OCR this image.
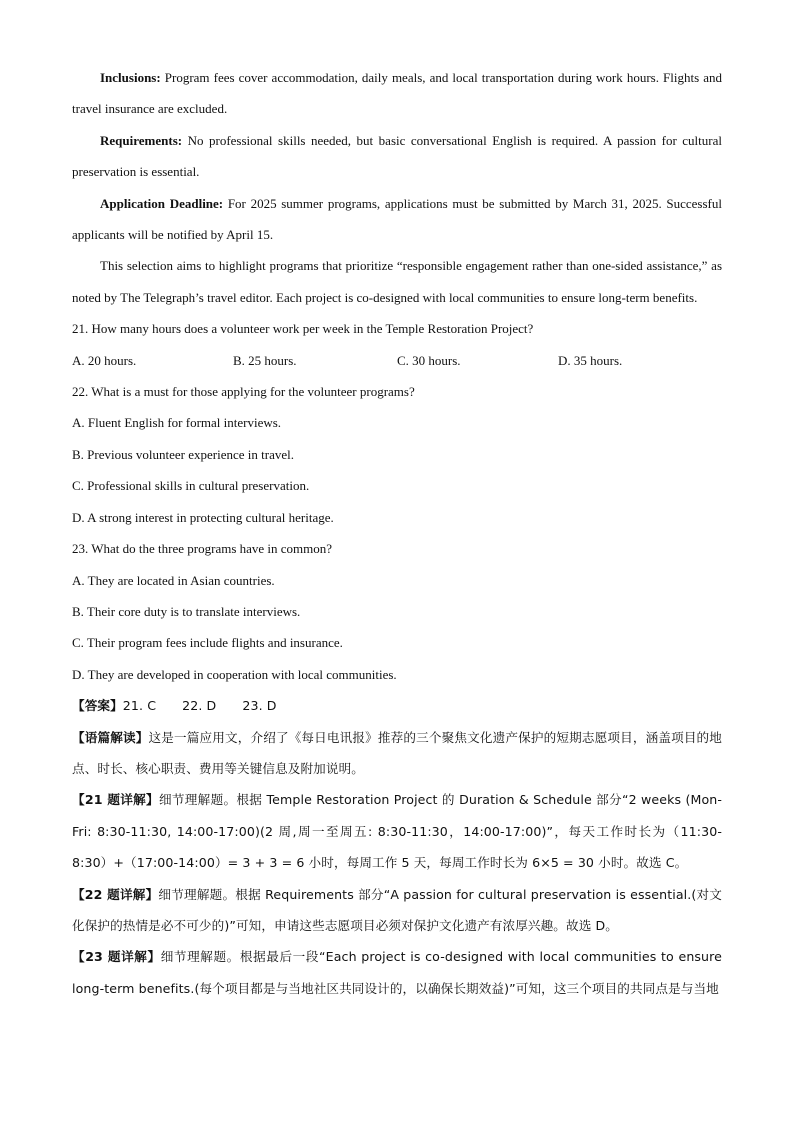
Inclusions: Program fees cover accommodation, daily meals, and local transportation during work hours. Flights and travel insurance are excluded.

Requirements: No professional skills needed, but basic conversational English is required. A passion for cultural preservation is essential.

Application Deadline: For 2025 summer programs, applications must be submitted by March 31, 2025. Successful applicants will be notified by April 15.

This selection aims to highlight programs that prioritize “responsible engagement rather than one-sided assistance,” as noted by The Telegraph’s travel editor. Each project is co-designed with local communities to ensure long-term benefits.

21. How many hours does a volunteer work per week in the Temple Restoration Project?

A. 20 hours.	B. 25 hours.	C. 30 hours.	D. 35 hours.

22. What is a must for those applying for the volunteer programs?

A. Fluent English for formal interviews.

B. Previous volunteer experience in travel.

C. Professional skills in cultural preservation.

D. A strong interest in protecting cultural heritage.

23. What do the three programs have in common?

A. They are located in Asian countries.

B. Their core duty is to translate interviews.

C. Their program fees include flights and insurance.

D. They are developed in cooperation with local communities.

【答案】21. C 22. D 23. D

【语篇解读】这是一篇应用文，介绍了《每日电讯报》推荐的三个聚焦文化遗产保护的短期志愿项目，涵盖项目的地点、时长、核心职责、费用等关键信息及附加说明。

【21 题详解】细节理解题。根据 Temple Restoration Project 的 Duration & Schedule 部分“2 weeks (Mon-Fri: 8:30-11:30, 14:00-17:00)(2 周,周一至周五: 8:30-11:30，14:00-17:00)”，每天工作时长为（11:30-8:30）+（17:00-14:00）= 3 + 3 = 6 小时，每周工作 5 天，每周工作时长为 6×5 = 30 小时。故选 C。

【22 题详解】细节理解题。根据 Requirements 部分“A passion for cultural preservation is essential.(对文化保护的热情是必不可少的)”可知，申请这些志愿项目必须对保护文化遗产有浓厚兴趣。故选 D。

【23 题详解】细节理解题。根据最后一段“Each project is co-designed with local communities to ensure long-term benefits.(每个项目都是与当地社区共同设计的，以确保长期效益)”可知，这三个项目的共同点是与当地
